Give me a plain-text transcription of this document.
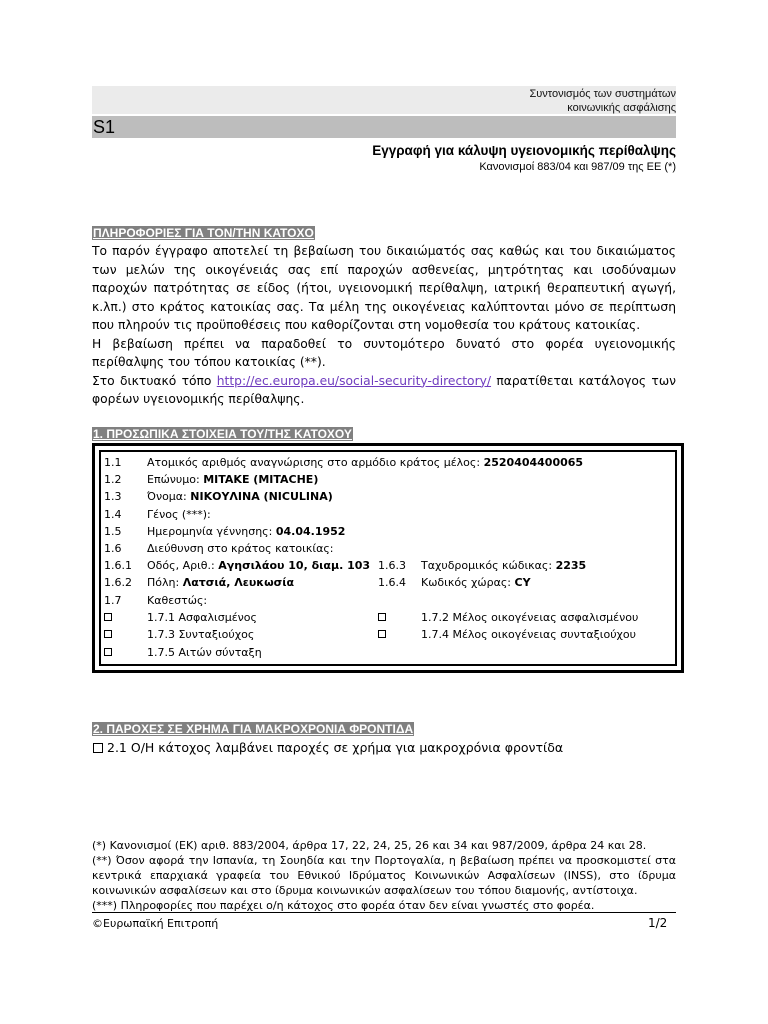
Συντονισμός των συστημάτων
κοινωνικής ασφάλισης
S1
Εγγραφή για κάλυψη υγειονομικής περίθαλψης
Κανονισμοί 883/04 και 987/09 της ΕΕ (*)
ΠΛΗΡΟΦΟΡΙΕΣ ΓΙΑ ΤΟΝ/ΤΗΝ ΚΑΤΟΧΟ

Το παρόν έγγραφο αποτελεί τη βεβαίωση του δικαιώματός σας καθώς και του δικαιώματος των μελών της οικογένειάς σας επί παροχών ασθενείας, μητρότητας και ισοδύναμων παροχών πατρότητας σε είδος (ήτοι, υγειονομική περίθαλψη, ιατρική θεραπευτική αγωγή, κ.λπ.) στο κράτος κατοικίας σας. Τα μέλη της οικογένειας καλύπτονται μόνο σε περίπτωση που πληρούν τις προϋποθέσεις που καθορίζονται στη νομοθεσία του κράτους κατοικίας.

Η βεβαίωση πρέπει να παραδοθεί το συντομότερο δυνατό στο φορέα υγειονομικής περίθαλψης του τόπου κατοικίας (**).

Στο δικτυακό τόπο http://ec.europa.eu/social-security-directory/ παρατίθεται κατάλογος των φορέων υγειονομικής περίθαλψης.

1. ΠΡΟΣΩΠΙΚΑ ΣΤΟΙΧΕΙΑ ΤΟΥ/ΤΗΣ ΚΑΤΟΧΟΥ
1.1 Ατομικός αριθμός αναγνώρισης στο αρμόδιο κράτος μέλος: 2520404400065
1.2 Επώνυμο: MITAKE (MITACHE)
1.3 Όνομα: ΝΙΚΟΥΛΙΝΑ (NICULINA)
1.4 Γένος (***):
1.5 Ημερομηνία γέννησης: 04.04.1952
1.6 Διεύθυνση στο κράτος κατοικίας:
1.6.1 Οδός, Αριθ.: Αγησιλάου 10, διαμ. 103 1.6.3 Ταχυδρομικός κώδικας: 2235
1.6.2 Πόλη: Λατσιά, Λευκωσία	1.6.4 Κωδικός χώρας: CY
1.7 Καθεστώς:
1.7.1 Ασφαλισμένος	1.7.2 Μέλος οικογένειας ασφαλισμένου
1.7.3 Συνταξιούχος	1.7.4 Μέλος οικογένειας συνταξιούχου
1.7.5 Αιτών σύνταξη
2. ΠΑΡΟΧΕΣ ΣΕ ΧΡΗΜΑ ΓΙΑ ΜΑΚΡΟΧΡΟΝΙΑ ΦΡΟΝΤΙΔΑ
2.1 Ο/Η κάτοχος λαμβάνει παροχές σε χρήμα για μακροχρόνια φροντίδα

(*) Κανονισμοί (ΕΚ) αριθ. 883/2004, άρθρα 17, 22, 24, 25, 26 και 34 και 987/2009, άρθρα 24 και 28.

(**) Όσον αφορά την Ισπανία, τη Σουηδία και την Πορτογαλία, η βεβαίωση πρέπει να προσκομιστεί στα κεντρικά επαρχιακά γραφεία του Εθνικού Ιδρύματος Κοινωνικών Ασφαλίσεων (INSS), στο ίδρυμα κοινωνικών ασφαλίσεων και στο ίδρυμα κοινωνικών ασφαλίσεων του τόπου διαμονής, αντίστοιχα.

(***) Πληροφορίες που παρέχει ο/η κάτοχος στο φορέα όταν δεν είναι γνωστές στο φορέα.

©Ευρωπαϊκή Επιτροπή	1/2
